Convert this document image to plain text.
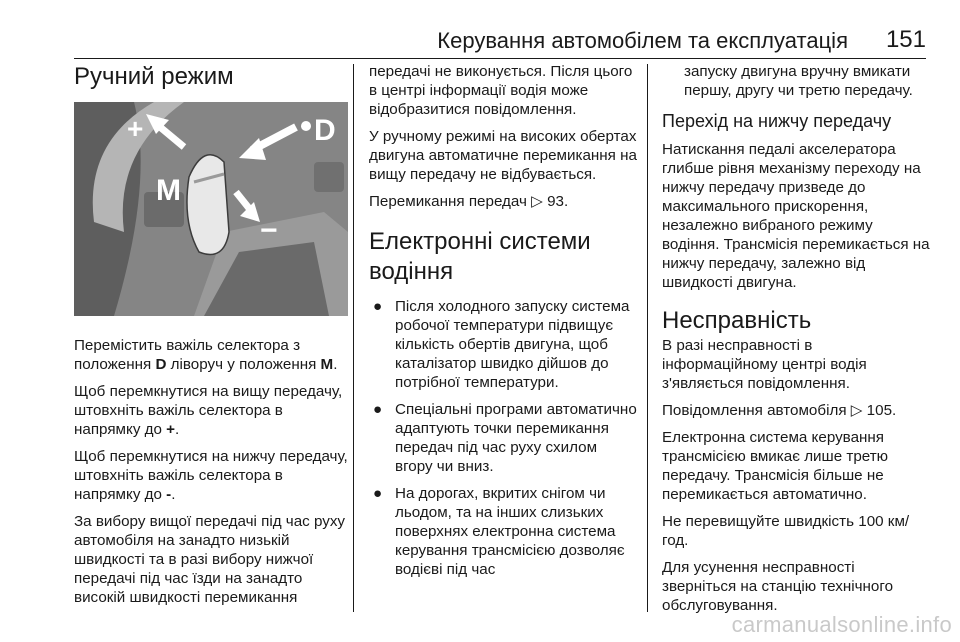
Керування автомобілем та експлуатація 151
Ручний режим
+
−
D
M

Перемістить важіль селектора з положення D ліворуч у положення M.

Щоб перемкнутися на вищу передачу, штовхніть важіль селектора в напрямку до +.

Щоб перемкнутися на нижчу передачу, штовхніть важіль селектора в напрямку до -.

За вибору вищої передачі під час руху автомобіля на занадто низькій швидкості та в разі вибору нижчої передачі під час їзди на занадто високій швидкості перемикання

передачі не виконується. Після цього в центрі інформації водія може відобразитися повідомлення.

У ручному режимі на високих обертах двигуна автоматичне перемикання на вищу передачу не відбувається.

Перемикання передач ▷ 93.

Електронні системи водіння
● Після холодного запуску система робочої температури підвищує кількість обертів двигуна, щоб каталізатор швидко дійшов до потрібної температури.
● Спеціальні програми автоматично адаптують точки перемикання передач під час руху схилом вгору чи вниз.
● На дорогах, вкритих снігом чи льодом, та на інших слизьких поверхнях електронна система керування трансмісією дозволяє водієві під час

запуску двигуна вручну вмикати першу, другу чи третю передачу.

Перехід на нижчу передачу

Натискання педалі акселератора глибше рівня механізму переходу на нижчу передачу призведе до максимального прискорення, незалежно вибраного режиму водіння. Трансмісія перемикається на нижчу передачу, залежно від швидкості двигуна.

Несправність

В разі несправності в інформаційному центрі водія з'являється повідомлення.

Повідомлення автомобіля ▷ 105.

Електронна система керування трансмісією вмикає лише третю передачу. Трансмісія більше не перемикається автоматично.

Не перевищуйте швидкість 100 км/год.

Для усунення несправності зверніться на станцію технічного обслуговування.

carmanualsonline.info
